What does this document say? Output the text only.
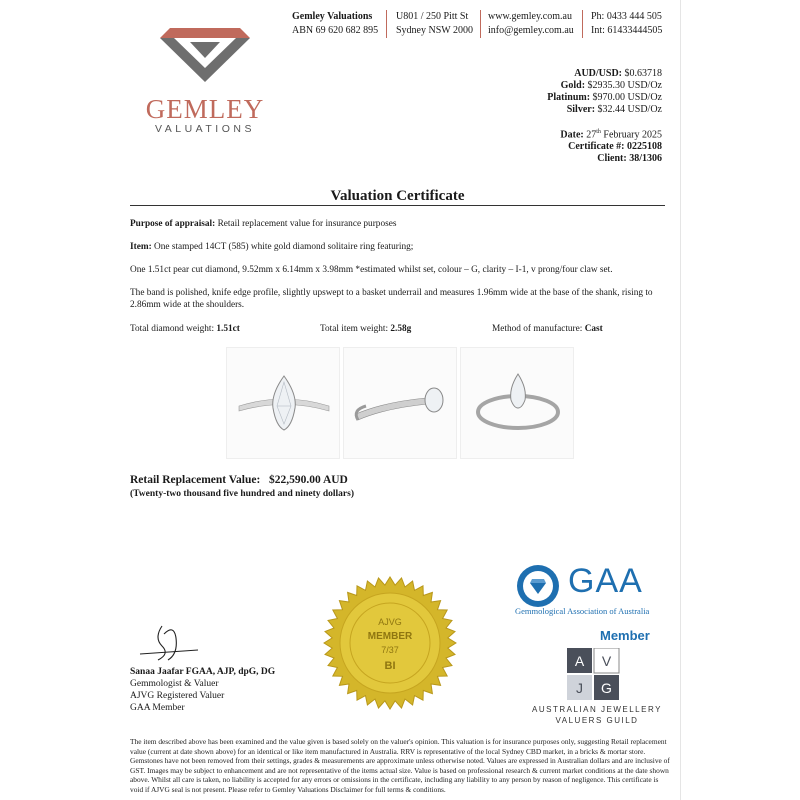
GEMLEY
VALUATIONS
Gemley Valuations
ABN 69 620 682 895
U801 / 250 Pitt St
Sydney NSW 2000
www.gemley.com.au
info@gemley.com.au
Ph: 0433 444 505
Int: 61433444505
AUD/USD: $0.63718
Gold: $2935.30 USD/Oz
Platinum: $970.00 USD/Oz
Silver: $32.44 USD/Oz
Date: 27th February 2025
Certificate #: 0225108
Client: 38/1306
Valuation Certificate
Purpose of appraisal: Retail replacement value for insurance purposes
Item: One stamped 14CT (585) white gold diamond solitaire ring featuring;
One 1.51ct pear cut diamond, 9.52mm x 6.14mm x 3.98mm *estimated whilst set, colour – G, clarity – I-1, v prong/four claw set.
The band is polished, knife edge profile, slightly upswept to a basket underrail and measures 1.96mm wide at the base of the shank, rising to 2.86mm wide at the shoulders.
Total diamond weight: 1.51ct	Total item weight: 2.58g	Method of manufacture: Cast
Retail Replacement Value: $22,590.00 AUD
(Twenty-two thousand five hundred and ninety dollars)
AJVG
MEMBER
7/37
BI
Sanaa Jaafar FGAA, AJP, dpG, DG
Gemmologist & Valuer
AJVG Registered Valuer
GAA Member
GAA
Gemmological Association of Australia
Member
A V
J G
AUSTRALIAN JEWELLERY
VALUERS GUILD
The item described above has been examined and the value given is based solely on the valuer's opinion. This valuation is for insurance purposes only, suggesting Retail replacement value (current at date shown above) for an identical or like item manufactured in Australia. RRV is representative of the local Sydney CBD market, in a bricks & mortar store. Gemstones have not been removed from their settings, grades & measurements are approximate unless otherwise noted. Values are expressed in Australian dollars and are inclusive of GST. Images may be subject to enhancement and are not representative of the items actual size. Value is based on professional research & current market conditions at the date shown above. Whilst all care is taken, no liability is accepted for any errors or omissions in the certificate, including any liability to any person by reason of negligence. This certificate is void if AJVG seal is not present. Please refer to Gemley Valuations Disclaimer for full terms & conditions.
